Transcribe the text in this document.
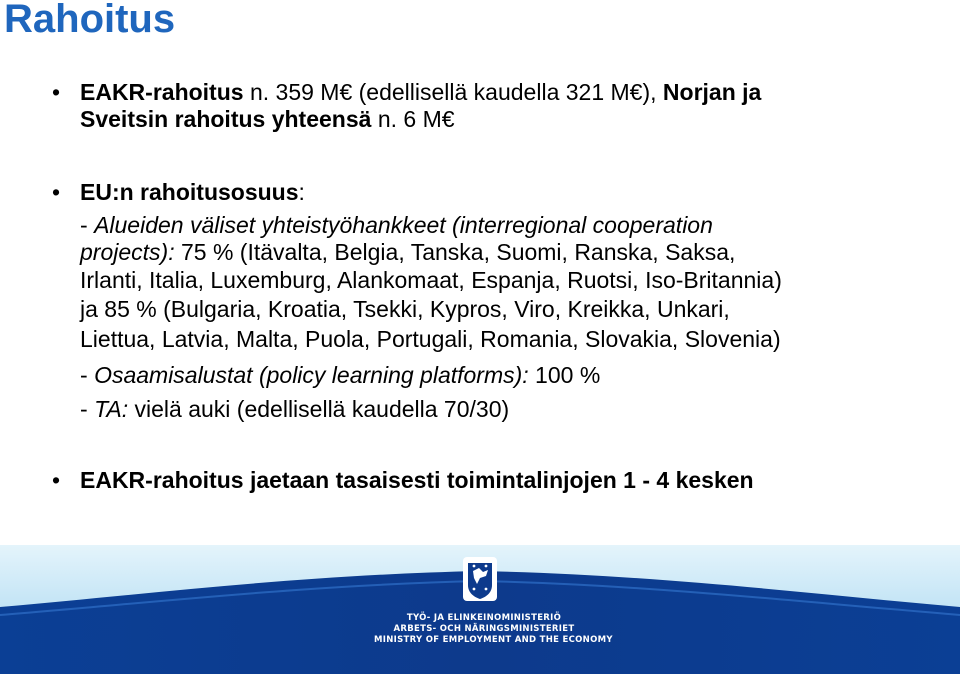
Rahoitus
• EAKR-rahoitus n. 359 M€ (edellisellä kaudella 321 M€), Norjan ja
Sveitsin rahoitus yhteensä n. 6 M€
• EU:n rahoitusosuus:
- Alueiden väliset yhteistyöhankkeet (interregional cooperation
projects): 75 % (Itävalta, Belgia, Tanska, Suomi, Ranska, Saksa,
Irlanti, Italia, Luxemburg, Alankomaat, Espanja, Ruotsi, Iso-Britannia)
ja 85 % (Bulgaria, Kroatia, Tsekki, Kypros, Viro, Kreikka, Unkari,
Liettua, Latvia, Malta, Puola, Portugali, Romania, Slovakia, Slovenia)
- Osaamisalustat (policy learning platforms): 100 %
- TA: vielä auki (edellisellä kaudella 70/30)
• EAKR-rahoitus jaetaan tasaisesti toimintalinjojen 1 - 4 kesken
TYÖ- JA ELINKEINOMINISTERIÖ
ARBETS- OCH NÄRINGSMINISTERIET
MINISTRY OF EMPLOYMENT AND THE ECONOMY
